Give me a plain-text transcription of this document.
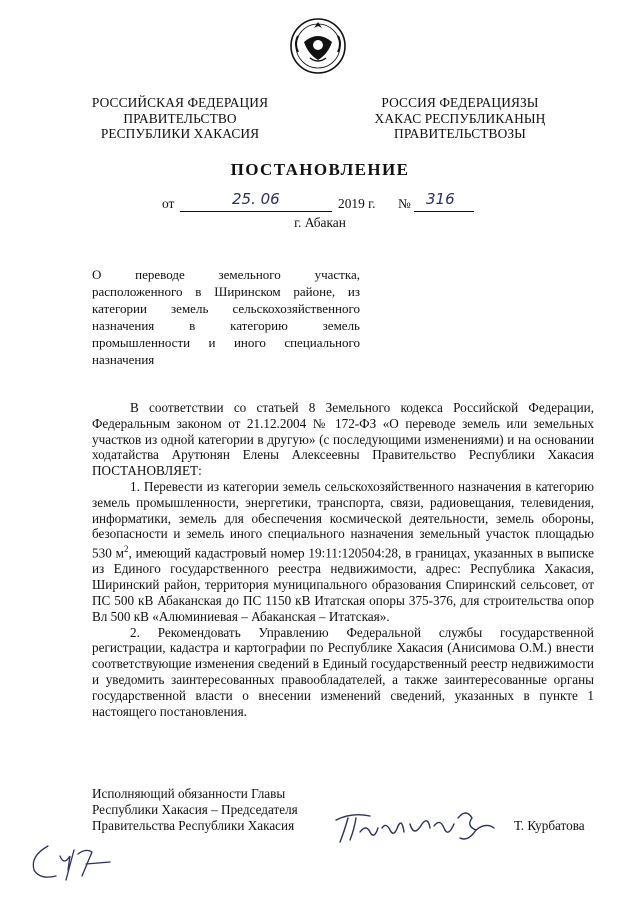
РОССИЙСКАЯ ФЕДЕРАЦИЯ
ПРАВИТЕЛЬСТВО
РЕСПУБЛИКИ ХАКАСИЯ
РОССИЯ ФЕДЕРАЦИЯЗЫ
ХАКАС РЕСПУБЛИКАНЫҢ
ПРАВИТЕЛЬСТВОЗЫ
ПОСТАНОВЛЕНИЕ
от	25. 06	2019 г. № 316
г. Абакан
О переводе земельного участка, расположенного в Ширинском районе, из категории земель сельскохозяйственного назначения в категорию земель промышленности и иного специального назначения

В соответствии со статьей 8 Земельного кодекса Российской Федерации, Федеральным законом от 21.12.2004 № 172-ФЗ «О переводе земель или земельных участков из одной категории в другую» (с последующими изменениями) и на основании ходатайства Арутюнян Елены Алексеевны Правительство Республики Хакасия ПОСТАНОВЛЯЕТ:

1. Перевести из категории земель сельскохозяйственного назначения в категорию земель промышленности, энергетики, транспорта, связи, радиовещания, телевидения, информатики, земель для обеспечения космической деятельности, земель обороны, безопасности и земель иного специального назначения земельный участок площадью 530 $м^2$, имеющий кадастровый номер 19:11:120504:28, в границах, указанных в выписке из Единого государственного реестра недвижимости, адрес: Республика Хакасия, Ширинский район, территория муниципального образования Спиринский сельсовет, от ПС 500 кВ Абаканская до ПС 1150 кВ Итатская опоры 375-376, для строительства опор Вл 500 кВ «Алюминиевая – Абаканская – Итатская».

2. Рекомендовать Управлению Федеральной службы государственной регистрации, кадастра и картографии по Республике Хакасия (Анисимова О.М.) внести соответствующие изменения сведений в Единый государственный реестр недвижимости и уведомить заинтересованных правообладателей, а также заинтересованные органы государственной власти о внесении изменений сведений, указанных в пункте 1 настоящего постановления.

Исполняющий обязанности Главы
Республики Хакасия – Председателя
Правительства Республики Хакасия	Т. Курбатова
